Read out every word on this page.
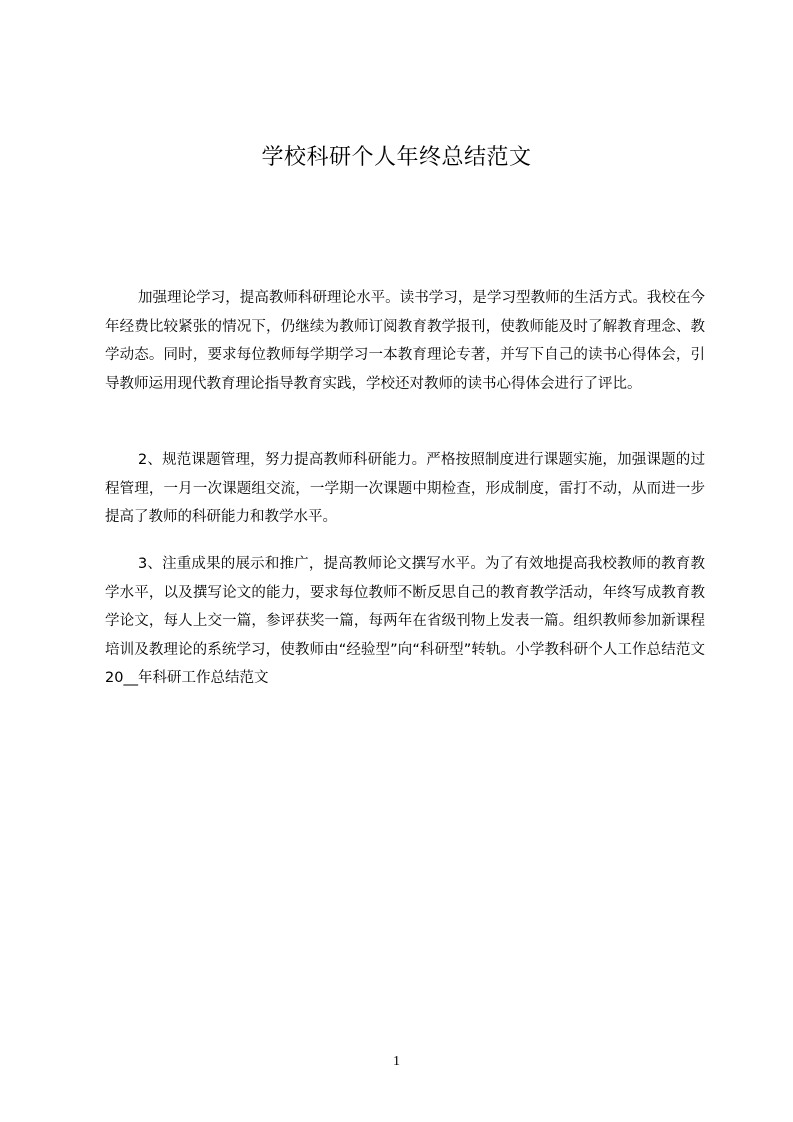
学校科研个人年终总结范文

加强理论学习，提高教师科研理论水平。读书学习，是学习型教师的生活方式。我校在今年经费比较紧张的情况下，仍继续为教师订阅教育教学报刊，使教师能及时了解教育理念、教学动态。同时，要求每位教师每学期学习一本教育理论专著，并写下自己的读书心得体会，引导教师运用现代教育理论指导教育实践，学校还对教师的读书心得体会进行了评比。

2、规范课题管理，努力提高教师科研能力。严格按照制度进行课题实施，加强课题的过程管理，一月一次课题组交流，一学期一次课题中期检查，形成制度，雷打不动，从而进一步提高了教师的科研能力和教学水平。

3、注重成果的展示和推广，提高教师论文撰写水平。为了有效地提高我校教师的教育教学水平，以及撰写论文的能力，要求每位教师不断反思自己的教育教学活动，年终写成教育教学论文，每人上交一篇，参评获奖一篇，每两年在省级刊物上发表一篇。组织教师参加新课程培训及教理论的系统学习，使教师由“经验型”向“科研型”转轨。小学教科研个人工作总结范文 20__年科研工作总结范文

1
